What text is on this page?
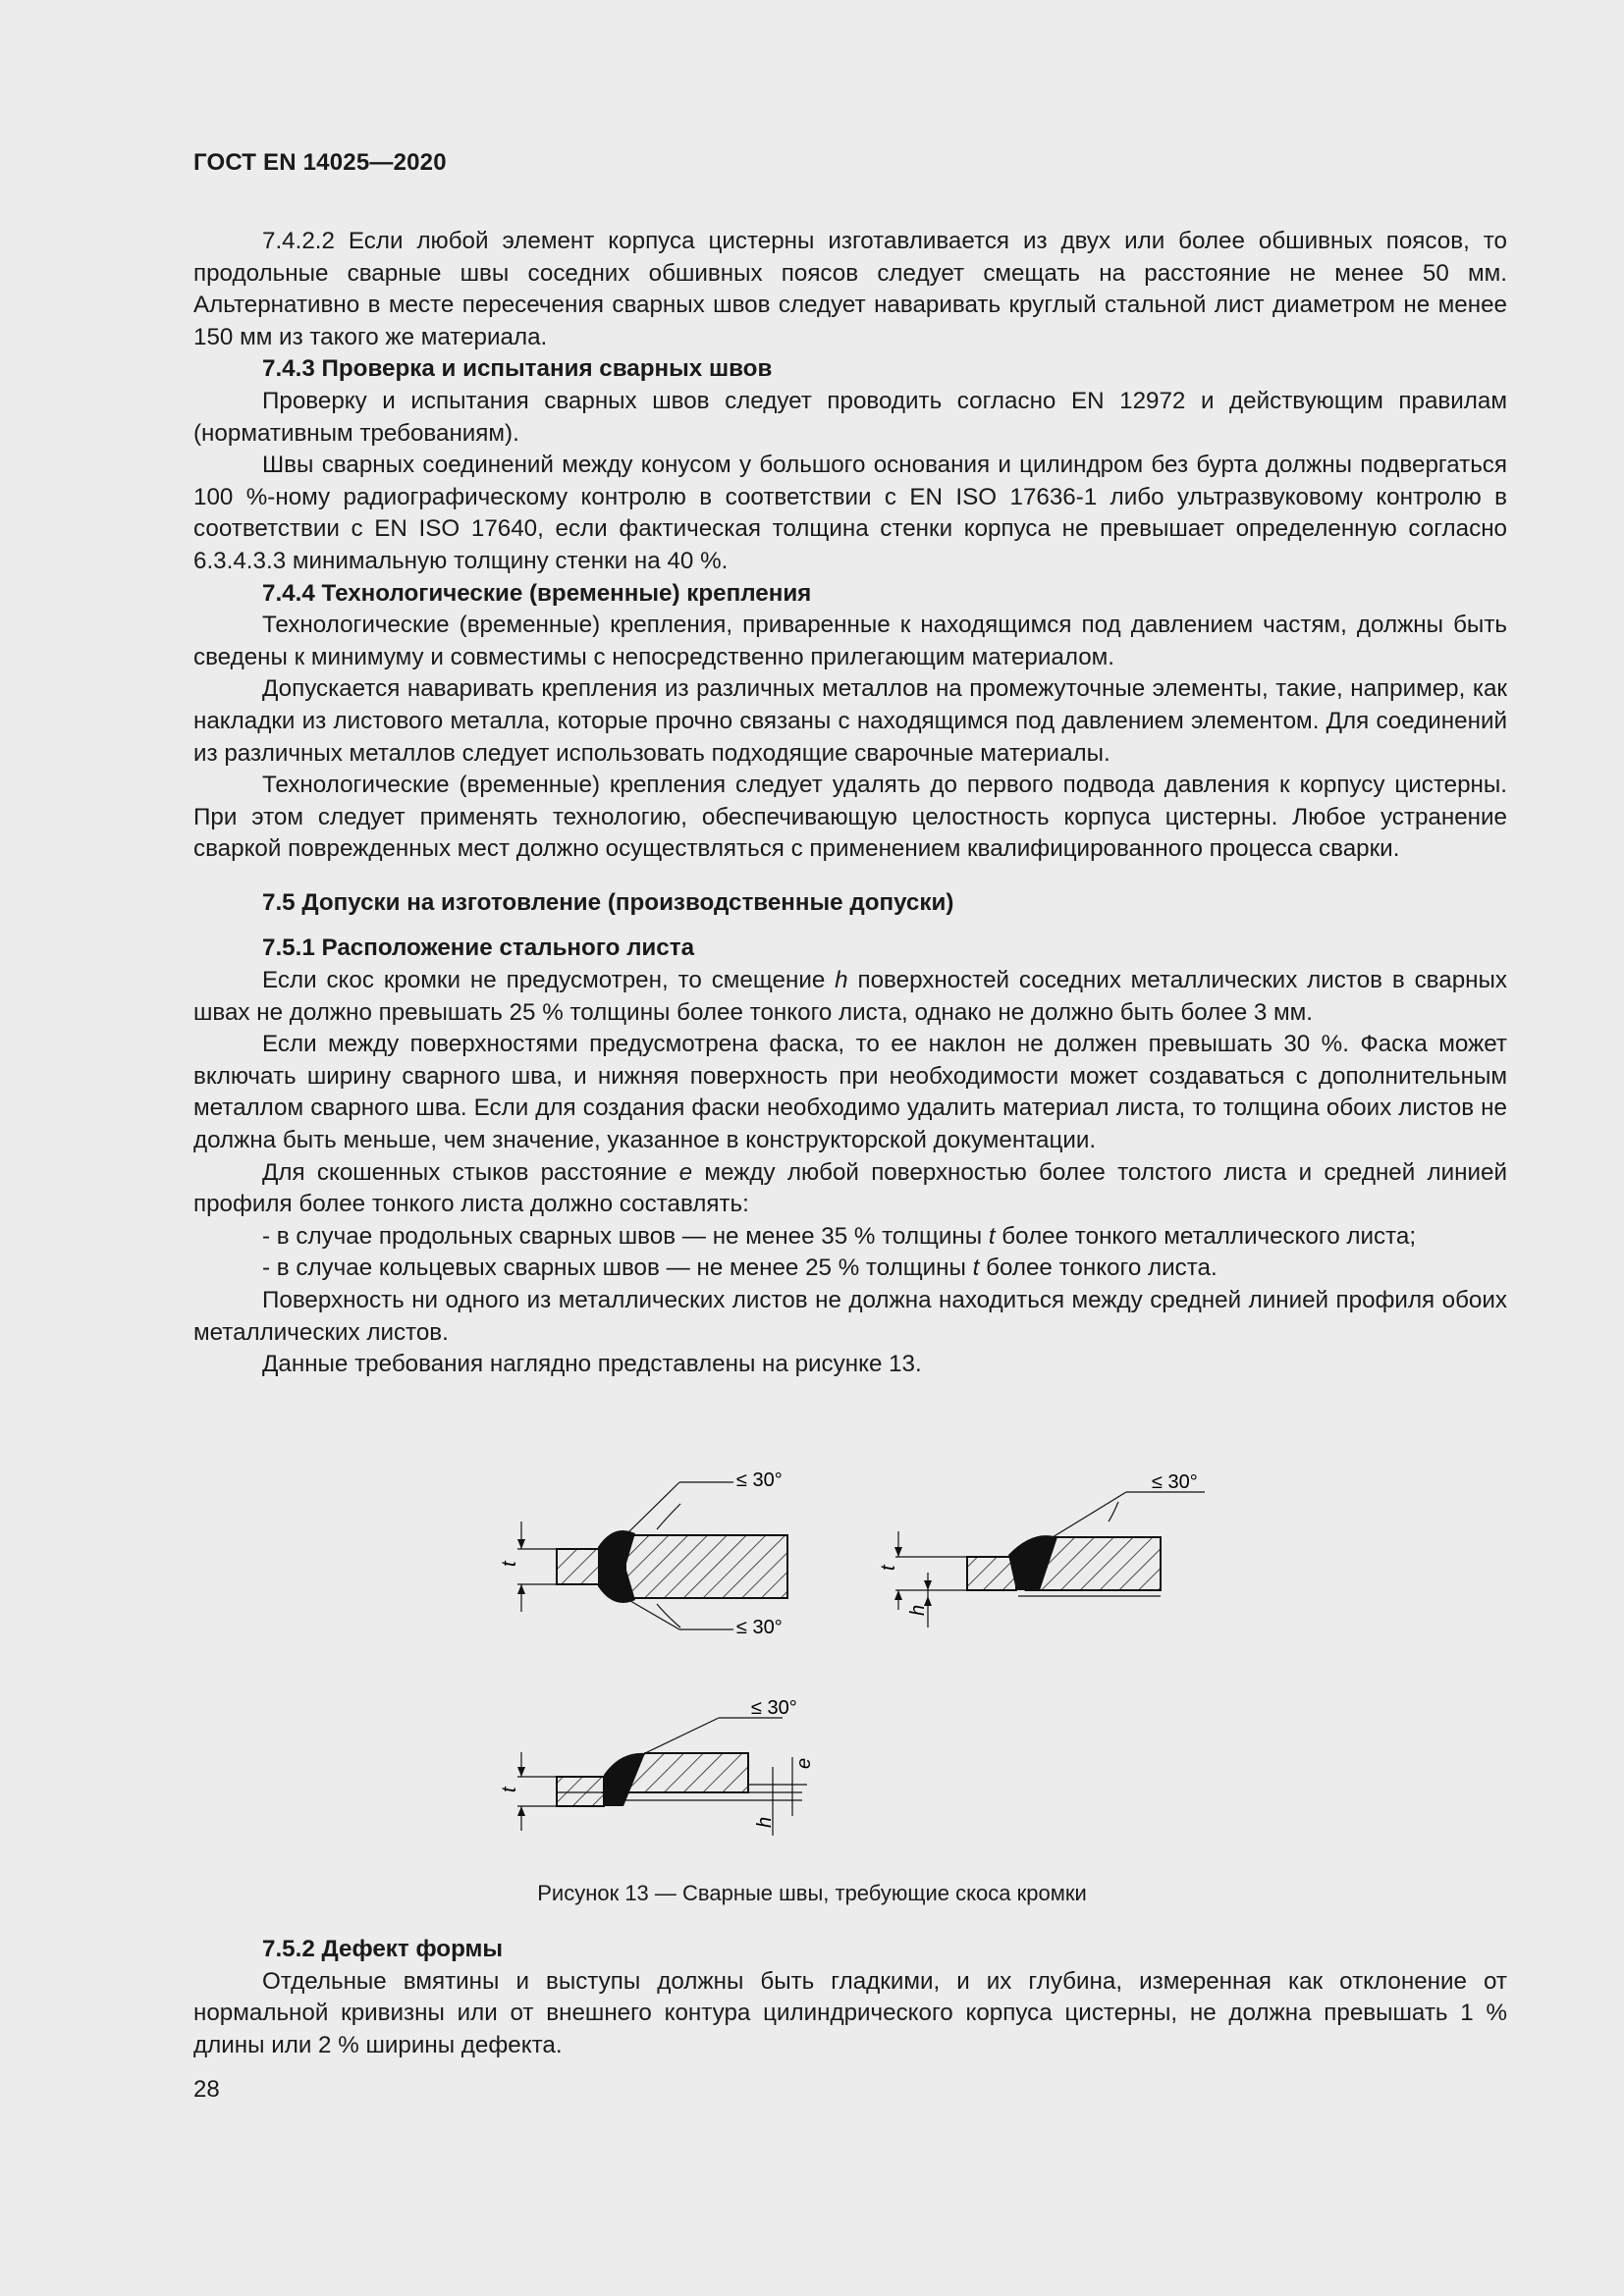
ГОСТ EN 14025—2020

7.4.2.2 Если любой элемент корпуса цистерны изготавливается из двух или более обшивных поясов, то продольные сварные швы соседних обшивных поясов следует смещать на расстояние не менее 50 мм. Альтернативно в месте пересечения сварных швов следует наваривать круглый стальной лист диаметром не менее 150 мм из такого же материала.

7.4.3 Проверка и испытания сварных швов

Проверку и испытания сварных швов следует проводить согласно EN 12972 и действующим правилам (нормативным требованиям).

Швы сварных соединений между конусом у большого основания и цилиндром без бурта должны подвергаться 100 %-ному радиографическому контролю в соответствии с EN ISO 17636-1 либо ультразвуковому контролю в соответствии с EN ISO 17640, если фактическая толщина стенки корпуса не превышает определенную согласно 6.3.4.3.3 минимальную толщину стенки на 40 %.

7.4.4 Технологические (временные) крепления

Технологические (временные) крепления, приваренные к находящимся под давлением частям, должны быть сведены к минимуму и совместимы с непосредственно прилегающим материалом.

Допускается наваривать крепления из различных металлов на промежуточные элементы, такие, например, как накладки из листового металла, которые прочно связаны с находящимся под давлением элементом. Для соединений из различных металлов следует использовать подходящие сварочные материалы.

Технологические (временные) крепления следует удалять до первого подвода давления к корпусу цистерны. При этом следует применять технологию, обеспечивающую целостность корпуса цистерны. Любое устранение сваркой поврежденных мест должно осуществляться с применением квалифицированного процесса сварки.

7.5 Допуски на изготовление (производственные допуски)

7.5.1 Расположение стального листа

Если скос кромки не предусмотрен, то смещение h поверхностей соседних металлических листов в сварных швах не должно превышать 25 % толщины более тонкого листа, однако не должно быть более 3 мм.

Если между поверхностями предусмотрена фаска, то ее наклон не должен превышать 30 %. Фаска может включать ширину сварного шва, и нижняя поверхность при необходимости может создаваться с дополнительным металлом сварного шва. Если для создания фаски необходимо удалить материал листа, то толщина обоих листов не должна быть меньше, чем значение, указанное в конструкторской документации.

Для скошенных стыков расстояние e между любой поверхностью более толстого листа и средней линией профиля более тонкого листа должно составлять:

- в случае продольных сварных швов — не менее 35 % толщины t более тонкого металлического листа;

- в случае кольцевых сварных швов — не менее 25 % толщины t более тонкого листа.

Поверхность ни одного из металлических листов не должна находиться между средней линией профиля обоих металлических листов.

Данные требования наглядно представлены на рисунке 13.

t
≤ 30°
≤ 30°
t
h
≤ 30°
t
h
e
≤ 30°
Рисунок 13 — Сварные швы, требующие скоса кромки

7.5.2 Дефект формы

Отдельные вмятины и выступы должны быть гладкими, и их глубина, измеренная как отклонение от нормальной кривизны или от внешнего контура цилиндрического корпуса цистерны, не должна превышать 1 % длины или 2 % ширины дефекта.

28
